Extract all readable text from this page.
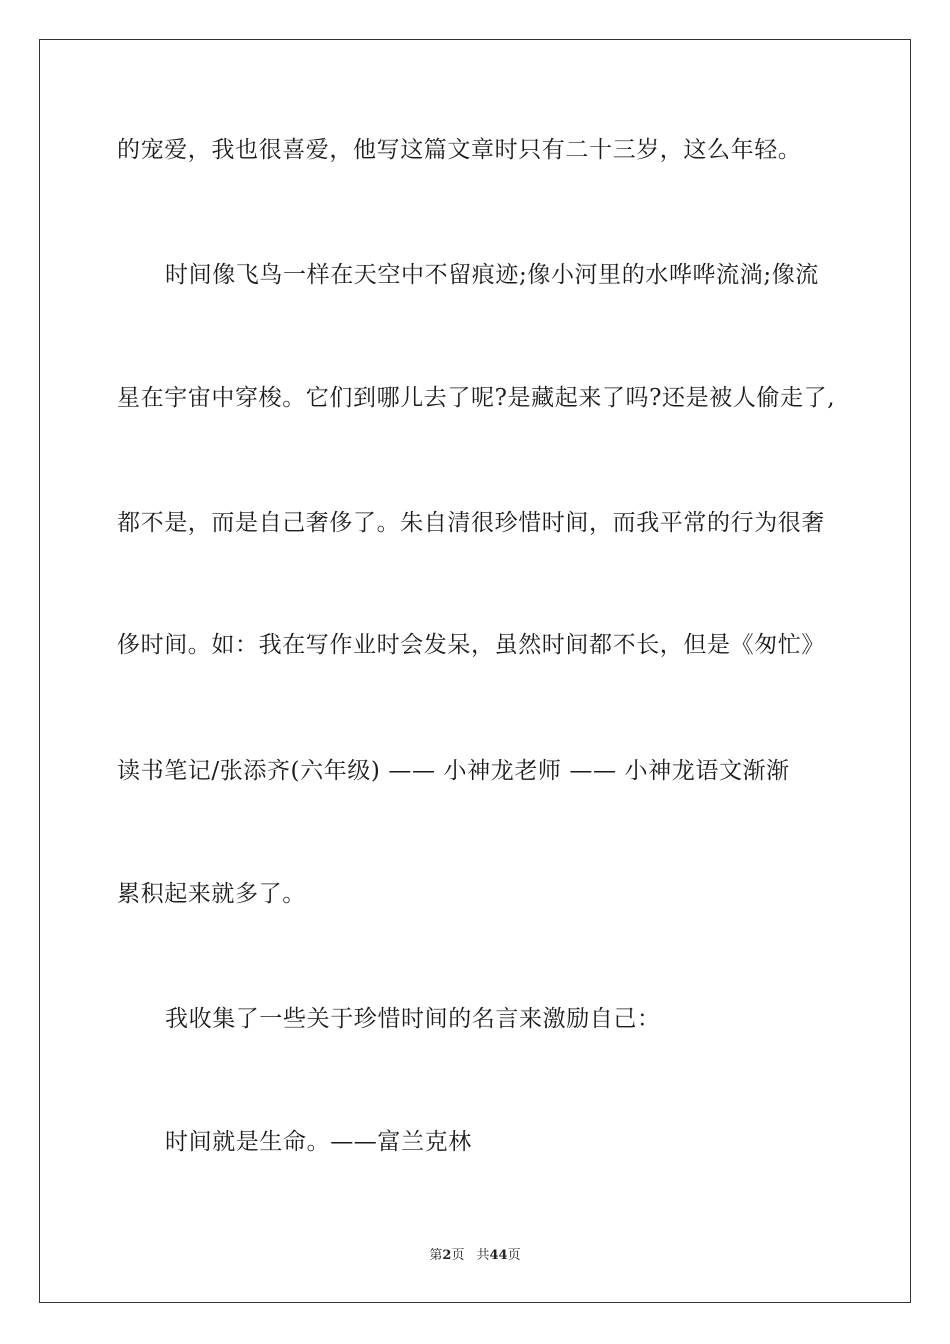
的宠爱，我也很喜爱，他写这篇文章时只有二十三岁，这么年轻。
时间像飞鸟一样在天空中不留痕迹;像小河里的水哗哗流淌;像流
星在宇宙中穿梭。它们到哪儿去了呢?是藏起来了吗?还是被人偷走了,
都不是，而是自己奢侈了。朱自清很珍惜时间，而我平常的行为很奢
侈时间。如：我在写作业时会发呆，虽然时间都不长，但是《匆忙》
读书笔记/张添齐(六年级) —— 小神龙老师 —— 小神龙语文渐渐
累积起来就多了。
我收集了一些关于珍惜时间的名言来激励自己：
时间就是生命。——富兰克林
第2页 共44页
